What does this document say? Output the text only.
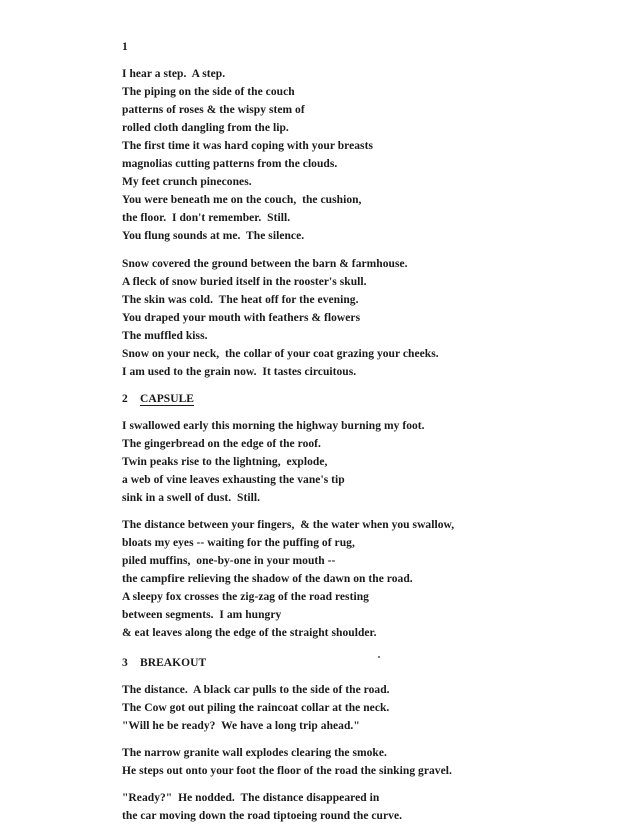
1
I hear a step.  A step.
The piping on the side of the couch
patterns of roses & the wispy stem of
rolled cloth dangling from the lip.
The first time it was hard coping with your breasts
magnolias cutting patterns from the clouds.
My feet crunch pinecones.
You were beneath me on the couch,  the cushion,
the floor.  I don't remember.  Still.
You flung sounds at me.  The silence.
Snow covered the ground between the barn & farmhouse.
A fleck of snow buried itself in the rooster's skull.
The skin was cold.  The heat off for the evening.
You draped your mouth with feathers & flowers
The muffled kiss.
Snow on your neck,  the collar of your coat grazing your cheeks.
I am used to the grain now.  It tastes circuitous.
2 CAPSULE
I swallowed early this morning the highway burning my foot.
The gingerbread on the edge of the roof.
Twin peaks rise to the lightning,  explode,
a web of vine leaves exhausting the vane's tip
sink in a swell of dust.  Still.
The distance between your fingers,  & the water when you swallow,
bloats my eyes -- waiting for the puffing of rug,
piled muffins,  one-by-one in your mouth --
the campfire relieving the shadow of the dawn on the road.
A sleepy fox crosses the zig-zag of the road resting
between segments.  I am hungry
& eat leaves along the edge of the straight shoulder.
3 BREAKOUT
The distance.  A black car pulls to the side of the road.
The Cow got out piling the raincoat collar at the neck.
"Will he be ready?  We have a long trip ahead."
The narrow granite wall explodes clearing the smoke.
He steps out onto your foot the floor of the road the sinking gravel.
"Ready?"  He nodded.  The distance disappeared in
the car moving down the road tiptoeing round the curve.
